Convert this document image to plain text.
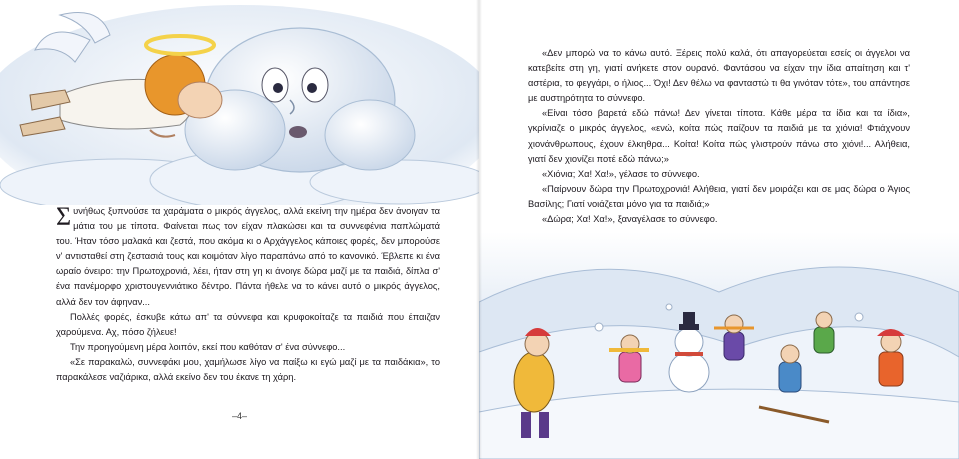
Συνήθως ξυπνούσε τα χαράματα ο μικρός άγγελος, αλλά εκείνη την ημέρα δεν άνοιγαν τα μάτια του με τίποτα. Φαίνεται πως τον είχαν πλακώσει και τα συννεφένια παπλώματά του. Ήταν τόσο μαλακά και ζεστά, που ακόμα κι ο Αρχάγγελος κάποιες φορές, δεν μπορούσε ν' αντισταθεί στη ζεστασιά τους και κοιμόταν λίγο παραπάνω από το κανονικό. Έβλεπε κι ένα ωραίο όνειρο: την Πρωτοχρονιά, λέει, ήταν στη γη κι άνοιγε δώρα μαζί με τα παιδιά, δίπλα σ' ένα πανέμορφο χριστουγεννιάτικο δέντρο. Πάντα ήθελε να το κάνει αυτό ο μικρός άγγελος, αλλά δεν τον άφηναν...

Πολλές φορές, έσκυβε κάτω απ' τα σύννεφα και κρυφοκοίταζε τα παιδιά που έπαιζαν χαρούμενα. Αχ, πόσο ζήλευε!

Την προηγούμενη μέρα λοιπόν, εκεί που καθόταν σ' ένα σύννεφο...

«Σε παρακαλώ, συννεφάκι μου, χαμήλωσε λίγο να παίξω κι εγώ μαζί με τα παιδάκια», το παρακάλεσε ναζιάρικα, αλλά εκείνο δεν του έκανε τη χάρη.

–4–

«Δεν μπορώ να το κάνω αυτό. Ξέρεις πολύ καλά, ότι απαγορεύεται εσείς οι άγγελοι να κατεβείτε στη γη, γιατί ανήκετε στον ουρανό. Φαντάσου να είχαν την ίδια απαίτηση και τ' αστέρια, το φεγγάρι, ο ήλιος... Όχι! Δεν θέλω να φανταστώ τι θα γινόταν τότε», του απάντησε με αυστηρότητα το σύννεφο.

«Είναι τόσο βαρετά εδώ πάνω! Δεν γίνεται τίποτα. Κάθε μέρα τα ίδια και τα ίδια», γκρίνιαζε ο μικρός άγγελος, «ενώ, κοίτα πώς παίζουν τα παιδιά με τα χιόνια! Φτιάχνουν χιονάνθρωπους, έχουν έλκηθρα... Κοίτα! Κοίτα πώς γλιστρούν πάνω στο χιόνι!... Αλήθεια, γιατί δεν χιονίζει ποτέ εδώ πάνω;»

«Χιόνια; Χα! Χα!», γέλασε το σύννεφο.

«Παίρνουν δώρα την Πρωτοχρονιά! Αλήθεια, γιατί δεν μοιράζει και σε μας δώρα ο Άγιος Βασίλης; Γιατί νοιάζεται μόνο για τα παιδιά;»

«Δώρα; Χα! Χα!», ξαναγέλασε το σύννεφο.
